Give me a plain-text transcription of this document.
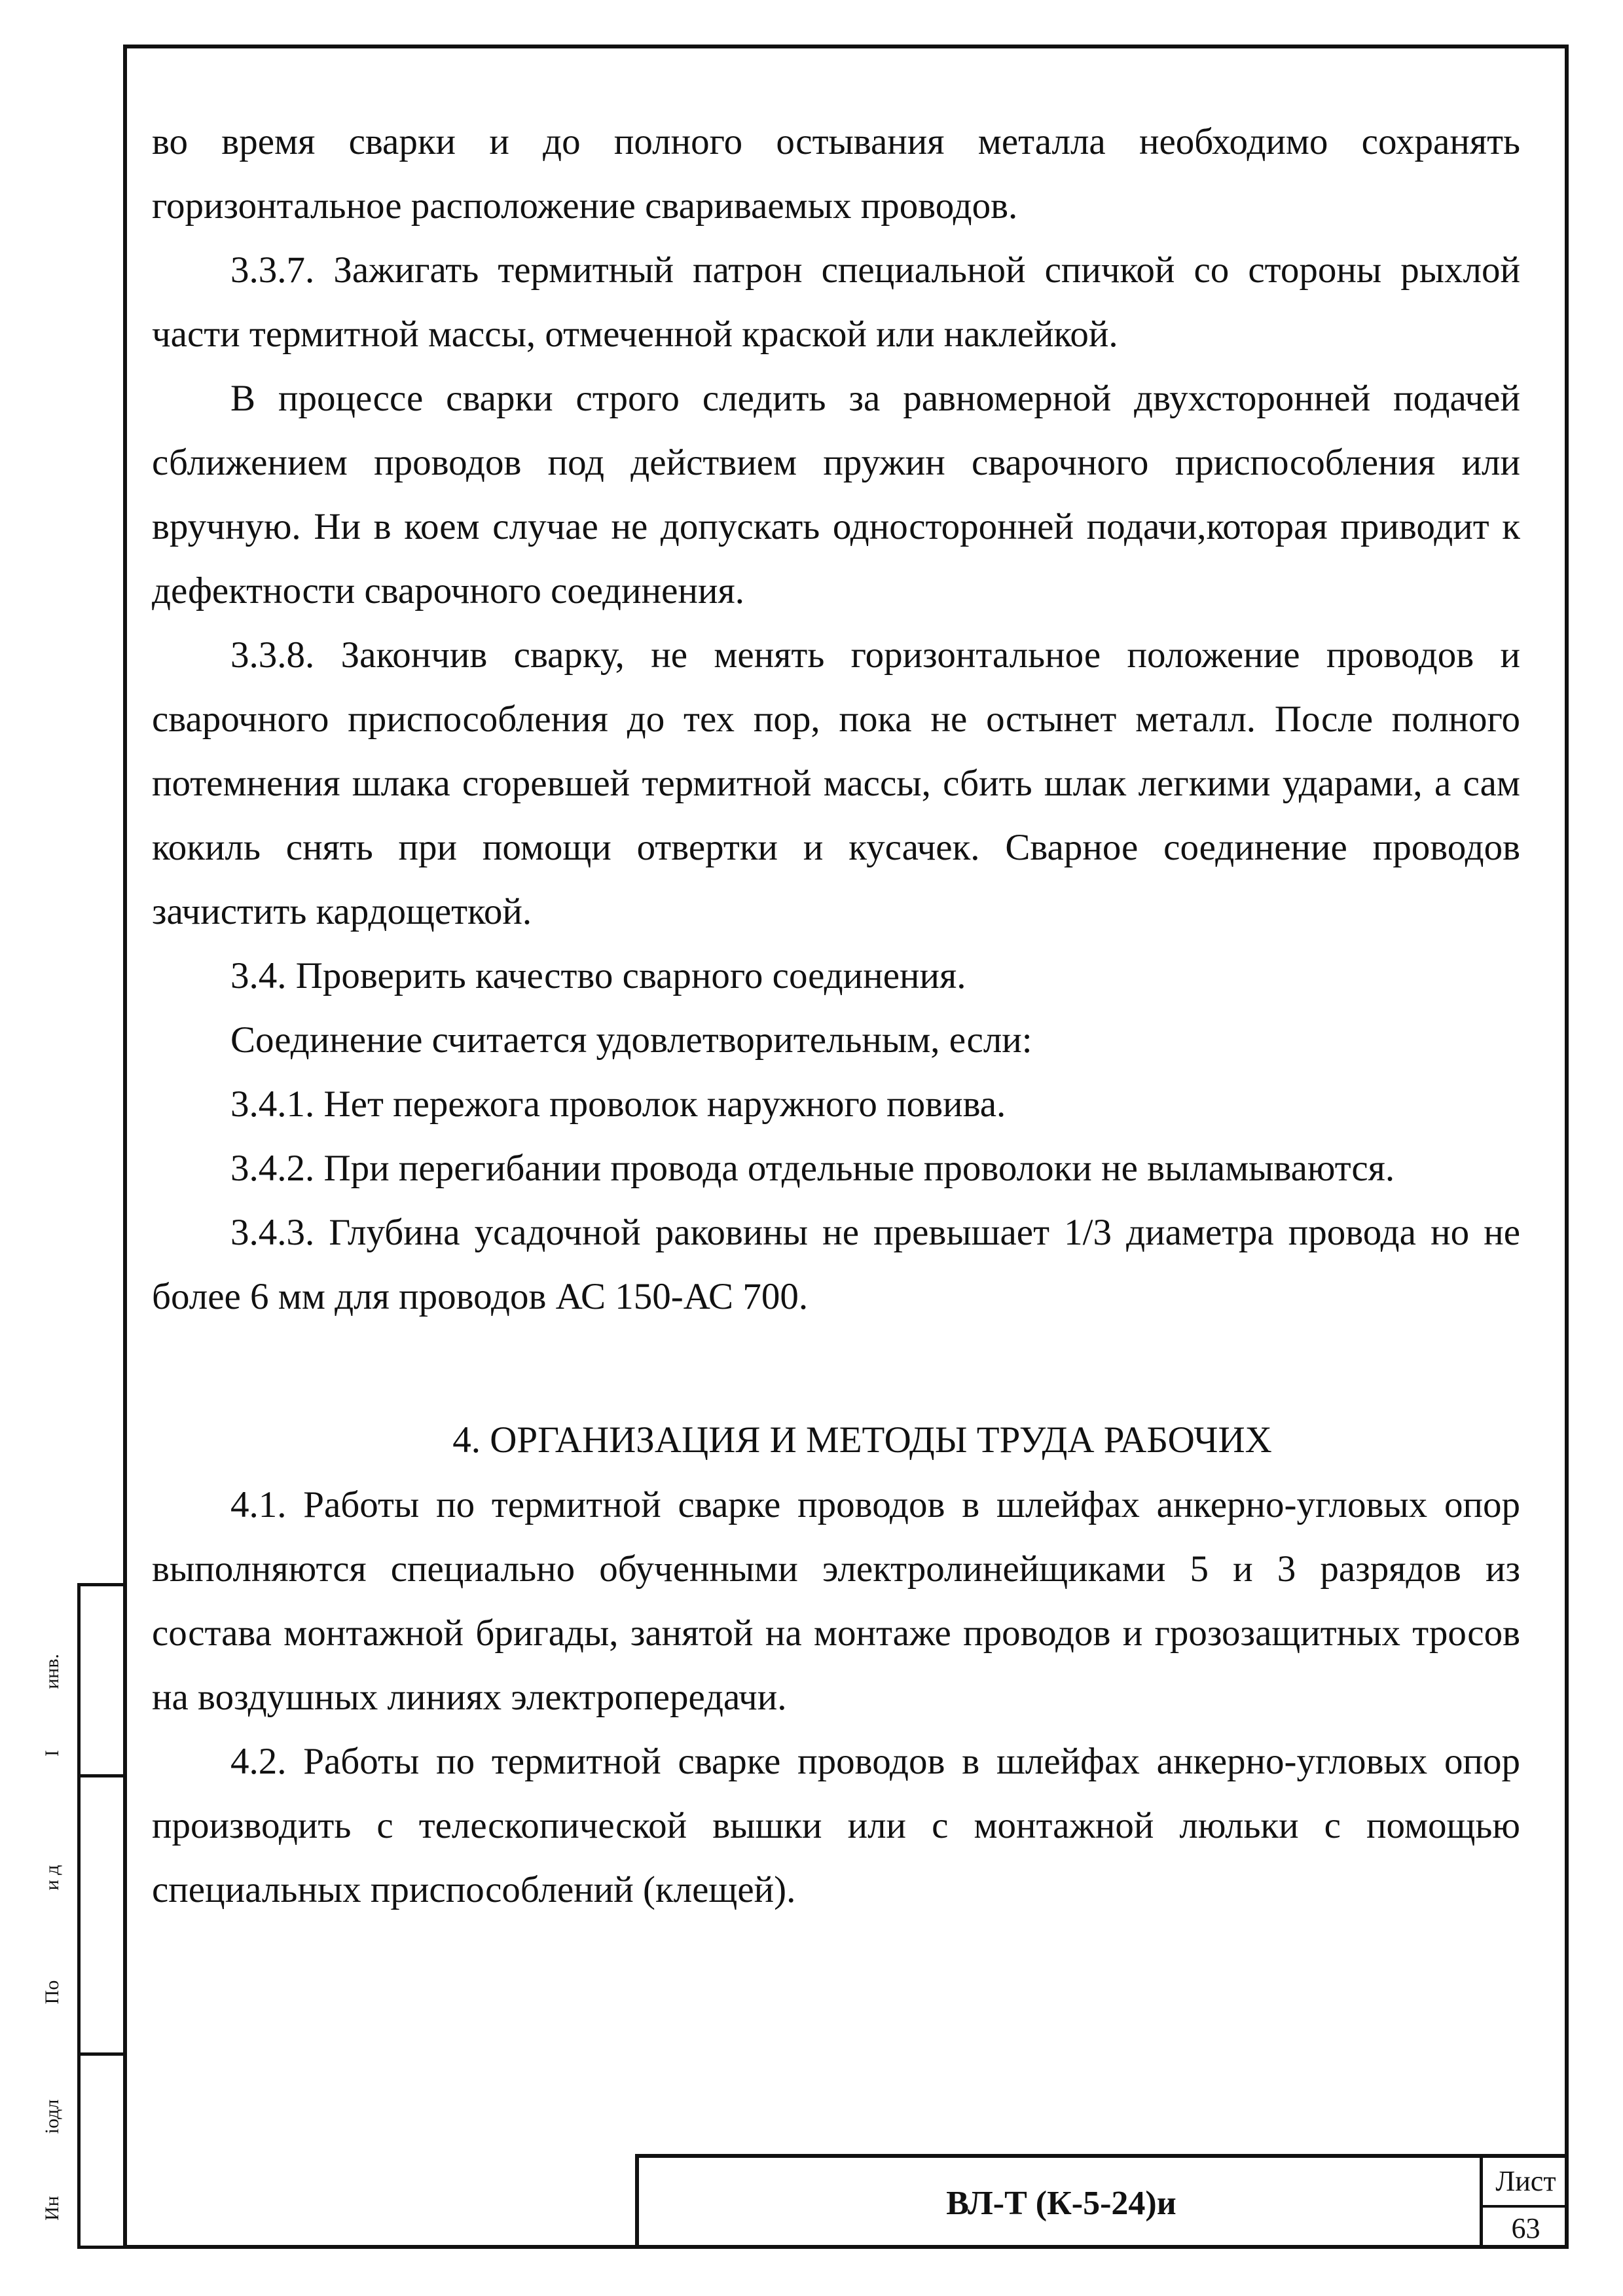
во время сварки и до полного остывания металла необходимо сохранять горизонтальное расположение свариваемых проводов.

3.3.7. Зажигать термитный патрон специальной спичкой со стороны рыхлой части термитной массы, отмеченной краской или наклейкой.

В процессе сварки строго следить за равномерной двухсторонней подачей сближением проводов под действием пружин сварочного приспособления или вручную. Ни в коем случае не допускать односторонней подачи,которая приводит к дефектности сварочного соединения.

3.3.8. Закончив сварку, не менять горизонтальное положение проводов и сварочного приспособления до тех пор, пока не остынет металл. После полного потемнения шлака сгоревшей термитной массы, сбить шлак легкими ударами, а сам кокиль снять при помощи отвертки и кусачек. Сварное соединение проводов зачистить кардощеткой.

3.4. Проверить качество сварного соединения.

Соединение считается удовлетворительным, если:

3.4.1. Нет пережога проволок наружного повива.

3.4.2. При перегибании провода отдельные проволоки не выламываются.

3.4.3. Глубина усадочной раковины не превышает 1/3 диаметра провода но не более 6 мм для проводов АС 150-АС 700.

4. ОРГАНИЗАЦИЯ И МЕТОДЫ ТРУДА РАБОЧИХ

4.1. Работы по термитной сварке проводов в шлейфах анкерно-угловых опор выполняются специально обученными электролинейщиками 5 и 3 разрядов из состава монтажной бригады, занятой на монтаже проводов и грозозащитных тросов на воздушных линиях электропередачи.

4.2. Работы по термитной сварке проводов в шлейфах анкерно-угловых опор производить с телескопической вышки или с монтажной люльки с помощью специальных приспособлений (клещей).

инв.
I
и д
По
іодл
Ин	ВЛ-Т (К-5-24)и
Лист
63
